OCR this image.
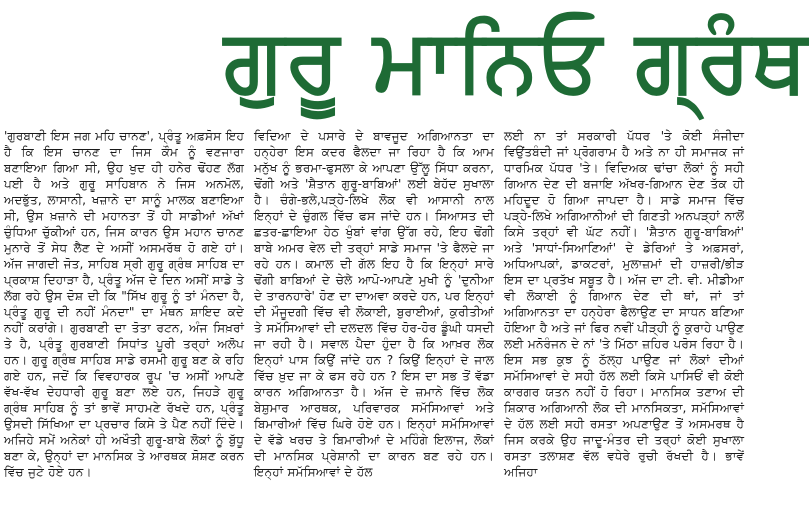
ਗੁਰੂ ਮਾਨਿਓ ਗ੍ਰੰਥ

'ਗੁਰਬਾਣੀ ਇਸ ਜਗ ਮਹਿ ਚਾਨਣ', ਪ੍ਰੰਤੂ ਅਫ਼ਸੋਸ ਇਹ ਹੈ ਕਿ ਇਸ ਚਾਨਣ ਦਾ ਜਿਸ ਕੌਮ ਨੂੰ ਵਣਜਾਰਾ ਬਣਾਇਆ ਗਿਆ ਸੀ, ਉਹ ਖੁਦ ਹੀ ਹਨੇਰ ਢੋਂਹਣ ਲੱਗ ਪਈ ਹੈ ਅਤੇ ਗੁਰੂ ਸਾਹਿਬਾਨ ਨੇ ਜਿਸ ਅਨਮੋਲ, ਅਦਭੁੱਤ, ਲਾਸਾਨੀ, ਖਜ਼ਾਨੇ ਦਾ ਸਾਨੂੰ ਮਾਲਕ ਬਣਾਇਆ ਸੀ, ਉਸ ਖ਼ਜ਼ਾਨੇ ਦੀ ਮਹਾਨਤਾ ਤੋਂ ਹੀ ਸਾਡੀਆਂ ਅੱਖਾਂ ਚੁੰਧਿਆ ਚੁੱਕੀਆਂ ਹਨ, ਜਿਸ ਕਾਰਨ ਉਸ ਮਹਾਨ ਚਾਨਣ ਮੁਨਾਰੇ ਤੋਂ ਸੇਧ ਲੈਣ ਦੇ ਅਸੀਂ ਅਸਮਰੱਥ ਹੋ ਗਏ ਹਾਂ। ਅੱਜ ਜਾਗਦੀ ਜੋਤ, ਸਾਹਿਬ ਸ੍ਰੀ ਗੁਰੂ ਗ੍ਰੰਥ ਸਾਹਿਬ ਦਾ ਪ੍ਰਕਾਸ਼ ਦਿਹਾੜਾ ਹੈ, ਪ੍ਰੰਤੂ ਅੱਜ ਦੇ ਦਿਨ ਅਸੀਂ ਸਾਡੇ ਤੇ ਲੱਗ ਰਹੇ ਉਸ ਦੋਸ਼ ਦੀ ਕਿ "ਸਿੱਖ ਗੁਰੂ ਨੂੰ ਤਾਂ ਮੰਨਦਾ ਹੈ, ਪ੍ਰੰਤੂ ਗੁਰੂ ਦੀ ਨਹੀਂ ਮੰਨਦਾ" ਦਾ ਮੰਥਨ ਸ਼ਾਇਦ ਕਦੇ ਨਹੀਂ ਕਰਾਂਗੇ। ਗੁਰਬਾਣੀ ਦਾ ਤੋਤਾ ਰਟਨ, ਅੰਜ ਸਿਖ਼ਰਾਂ ਤੇ ਹੈ, ਪ੍ਰੰਤੂ ਗੁਰਬਾਣੀ ਸਿਧਾਂਤ ਪੂਰੀ ਤਰ੍ਹਾਂ ਅਲੋਪ ਹਨ। ਗੁਰੂ ਗ੍ਰੰਥ ਸਾਹਿਬ ਸਾਡੇ ਰਸਮੀ ਗੁਰੂ ਬਣ ਕੇ ਰਹਿ ਗਏ ਹਨ, ਜਦੋਂ ਕਿ ਵਿਵਹਾਰਕ ਰੂਪ 'ਚ ਅਸੀਂ ਆਪਣੇ ਵੱਖ-ਵੱਖ ਦੇਹਧਾਰੀ ਗੁਰੂ ਬਣਾ ਲਏ ਹਨ, ਜਿਹੜੇ ਗੁਰੂ ਗ੍ਰੰਥ ਸਾਹਿਬ ਨੂੰ ਤਾਂ ਭਾਵੇਂ ਸਾਹਮਣੇ ਰੱਖਦੇ ਹਨ, ਪ੍ਰੰਤੂ ਉਸਦੀ ਸਿੱਖਿਆ ਦਾ ਪ੍ਰਚਾਰ ਕਿਸੇ ਤੇ ਪੈਣ ਨਹੀਂ ਦਿੰਦੇ। ਅਜਿਹੇ ਸਮੇਂ ਅਨੇਕਾਂ ਹੀ ਅਖੌਤੀ ਗੁਰੂ-ਬਾਬੇ ਲੋਕਾਂ ਨੂੰ ਬੁੱਧੂ ਬਣਾ ਕੇ, ਉਨ੍ਹਾਂ ਦਾ ਮਾਨਸਿਕ ਤੇ ਆਰਥਕ ਸ਼ੋਸ਼ਣ ਕਰਨ ਵਿੱਚ ਜੁਟੇ ਹੋਏ ਹਨ।

ਵਿਦਿਆ ਦੇ ਪਸਾਰੇ ਦੇ ਬਾਵਜੂਦ ਅਗਿਆਨਤਾ ਦਾ ਹਨ੍ਹੇਰਾ ਇਸ ਕਦਰ ਫੈਲਦਾ ਜਾ ਰਿਹਾ ਹੈ ਕਿ ਆਮ ਮਨੁੱਖ ਨੂੰ ਭਰਮਾ-ਫੁਸਲਾ ਕੇ ਆਪਣਾ ਉੱਲੂ ਸਿੱਧਾ ਕਰਨਾ, ਢੋਂਗੀ ਅਤੇ 'ਸ਼ੈਤਾਨ ਗੁਰੂ-ਬਾਬਿਆਂ' ਲਈ ਬੇਹੱਦ ਸੁਖਾਲਾ ਹੈ। ਚੰਗੇ-ਭਲੇ,ਪੜ੍ਹੇ-ਲਿਖੇ ਲੋਕ ਵੀ ਆਸਾਨੀ ਨਾਲ ਇਨ੍ਹਾਂ ਦੇ ਚੁੰਗਲ ਵਿੱਚ ਫਸ ਜਾਂਦੇ ਹਨ। ਸਿਆਸਤ ਦੀ ਛਤਰ-ਛਾਇਆ ਹੇਠ ਖੁੰਬਾਂ ਵਾਂਗ ਉੱਗ ਰਹੇ, ਇਹ ਢੋਂਗੀ ਬਾਬੇ ਅਮਰ ਵੇਲ ਦੀ ਤਰ੍ਹਾਂ ਸਾਡੇ ਸਮਾਜ 'ਤੇ ਫੈਲਦੇ ਜਾ ਰਹੇ ਹਨ। ਕਮਾਲ ਦੀ ਗੱਲ ਇਹ ਹੈ ਕਿ ਇਨ੍ਹਾਂ ਸਾਰੇ ਢੋਂਗੀ ਬਾਬਿਆਂ ਦੇ ਚੇਲੇ ਆਪੋ-ਆਪਣੇ ਮੁਖੀ ਨੂੰ 'ਦੁਨੀਆ ਦੇ ਤਾਰਨਹਾਰੇ' ਹੋਣ ਦਾ ਦਾਅਵਾ ਕਰਦੇ ਹਨ, ਪਰ ਇਨ੍ਹਾਂ ਦੀ ਮੌਜੂਦਗੀ ਵਿੱਚ ਵੀ ਲੋਕਾਈ, ਬੁਰਾਈਆਂ, ਕੁਰੀਤੀਆਂ ਤੇ ਸਮੱਸਿਆਵਾਂ ਦੀ ਦਲਦਲ ਵਿੱਚ ਹੋਰ-ਹੋਰ ਡੂੰਘੀ ਧਸਦੀ ਜਾ ਰਹੀ ਹੈ। ਸਵਾਲ ਪੈਦਾ ਹੁੰਦਾ ਹੈ ਕਿ ਆਖ਼ਰ ਲੋਕ ਇਨ੍ਹਾਂ ਪਾਸ ਕਿਉਂ ਜਾਂਦੇ ਹਨ ? ਕਿਉਂ ਇਨ੍ਹਾਂ ਦੇ ਜਾਲ ਵਿੱਚ ਖ਼ੁਦ ਜਾ ਕੇ ਫਸ ਰਹੇ ਹਨ ? ਇਸ ਦਾ ਸਭ ਤੋਂ ਵੱਡਾ ਕਾਰਨ ਅਗਿਆਨਤਾ ਹੈ। ਅੱਜ ਦੇ ਜ਼ਮਾਨੇ ਵਿੱਚ ਲੋਕ ਬੇਸ਼ੁਮਾਰ ਆਰਥਕ, ਪਰਿਵਾਰਕ ਸਮੱਸਿਆਵਾਂ ਅਤੇ ਬਿਮਾਰੀਆਂ ਵਿੱਚ ਘਿਰੇ ਹੋਏ ਹਨ। ਇਨ੍ਹਾਂ ਸਮੱਸਿਆਵਾਂ ਦੇ ਵੱਡੇ ਖਰਚ ਤੇ ਬਿਮਾਰੀਆਂ ਦੇ ਮਹਿੰਗੇ ਇਲਾਜ, ਲੋਕਾਂ ਦੀ ਮਾਨਸਿਕ ਪ੍ਰੇਸ਼ਾਨੀ ਦਾ ਕਾਰਨ ਬਣ ਰਹੇ ਹਨ। ਇਨ੍ਹਾਂ ਸਮੱਸਿਆਵਾਂ ਦੇ ਹੱਲ

ਲਈ ਨਾ ਤਾਂ ਸਰਕਾਰੀ ਪੱਧਰ 'ਤੇ ਕੋਈ ਸੰਜੀਦਾ ਵਿਉਂਤਬੰਦੀ ਜਾਂ ਪ੍ਰੋਗਰਾਮ ਹੈ ਅਤੇ ਨਾ ਹੀ ਸਮਾਜਕ ਜਾਂ ਧਾਰਮਿਕ ਪੱਧਰ 'ਤੇ। ਵਿਦਿਅਕ ਢਾਂਚਾ ਲੋਕਾਂ ਨੂੰ ਸਹੀ ਗਿਆਨ ਦੇਣ ਦੀ ਬਜਾਇ ਅੱਖਰ-ਗਿਆਨ ਦੇਣ ਤੱਕ ਹੀ ਮਹਿਦੂਦ ਹੋ ਗਿਆ ਜਾਪਦਾ ਹੈ। ਸਾਡੇ ਸਮਾਜ ਵਿੱਚ ਪੜ੍ਹੇ-ਲਿਖੇ ਅਗਿਆਨੀਆਂ ਦੀ ਗਿਣਤੀ ਅਨਪੜ੍ਹਾਂ ਨਾਲੋਂ ਕਿਸੇ ਤਰ੍ਹਾਂ ਵੀ ਘੱਟ ਨਹੀਂ। 'ਸ਼ੈਤਾਨ ਗੁਰੂ-ਬਾਬਿਆਂ' ਅਤੇ 'ਸਾਧਾਂ-ਸਿਆਣਿਆਂ' ਦੇ ਡੇਰਿਆਂ ਤੇ ਅਫ਼ਸਰਾਂ, ਅਧਿਆਪਕਾਂ, ਡਾਕਟਰਾਂ, ਮੁਲਾਜ਼ਮਾਂ ਦੀ ਹਾਜ਼ਰੀ/ਭੀੜ ਇਸ ਦਾ ਪ੍ਰਤੱਖ ਸਬੂਤ ਹੈ। ਅੱਜ ਦਾ ਟੀ. ਵੀ. ਮੀਡੀਆ ਵੀ ਲੋਕਾਈ ਨੂੰ ਗਿਆਨ ਦੇਣ ਦੀ ਥਾਂ, ਜਾਂ ਤਾਂ ਅਗਿਆਨਤਾ ਦਾ ਹਨ੍ਹੇਰਾ ਫੈਲਾਉਣ ਦਾ ਸਾਧਨ ਬਣਿਆ ਹੋਇਆ ਹੈ ਅਤੇ ਜਾਂ ਫਿਰ ਨਵੀਂ ਪੀੜ੍ਹੀ ਨੂੰ ਕੁਰਾਹੇ ਪਾਉਣ ਲਈ ਮਨੋਰੰਜਨ ਦੇ ਨਾਂ 'ਤੇ ਮਿੱਠਾ ਜ਼ਹਿਰ ਪਰੋਸ ਰਿਹਾ ਹੈ। ਇਸ ਸਭ ਕੁਝ ਨੂੰ ਠੱਲ੍ਹ ਪਾਉਣ ਜਾਂ ਲੋਕਾਂ ਦੀਆਂ ਸਮੱਸਿਆਵਾਂ ਦੇ ਸਹੀ ਹੱਲ ਲਈ ਕਿਸੇ ਪਾਸਿਓਂ ਵੀ ਕੋਈ ਕਾਰਗਰ ਯਤਨ ਨਹੀਂ ਹੋ ਰਿਹਾ। ਮਾਨਸਿਕ ਤਣਾਅ ਦੀ ਸ਼ਿਕਾਰ ਅਗਿਆਨੀ ਲੋਕ ਦੀ ਮਾਨਸਿਕਤਾ, ਸਮੱਸਿਆਵਾਂ ਦੇ ਹੱਲ ਲਈ ਸਹੀ ਰਸਤਾ ਅਪਣਾਉਣ ਤੋਂ ਅਸਮਰਥ ਹੈ ਜਿਸ ਕਰਕੇ ਉਹ ਜਾਦੂ-ਮੰਤਰ ਦੀ ਤਰ੍ਹਾਂ ਕੋਈ ਸੁਖਾਲਾ ਰਸਤਾ ਤਲਾਸ਼ਣ ਵੱਲ ਵਧੇਰੇ ਰੁਚੀ ਰੱਖਦੀ ਹੈ। ਭਾਵੇਂ ਅਜਿਹਾ
